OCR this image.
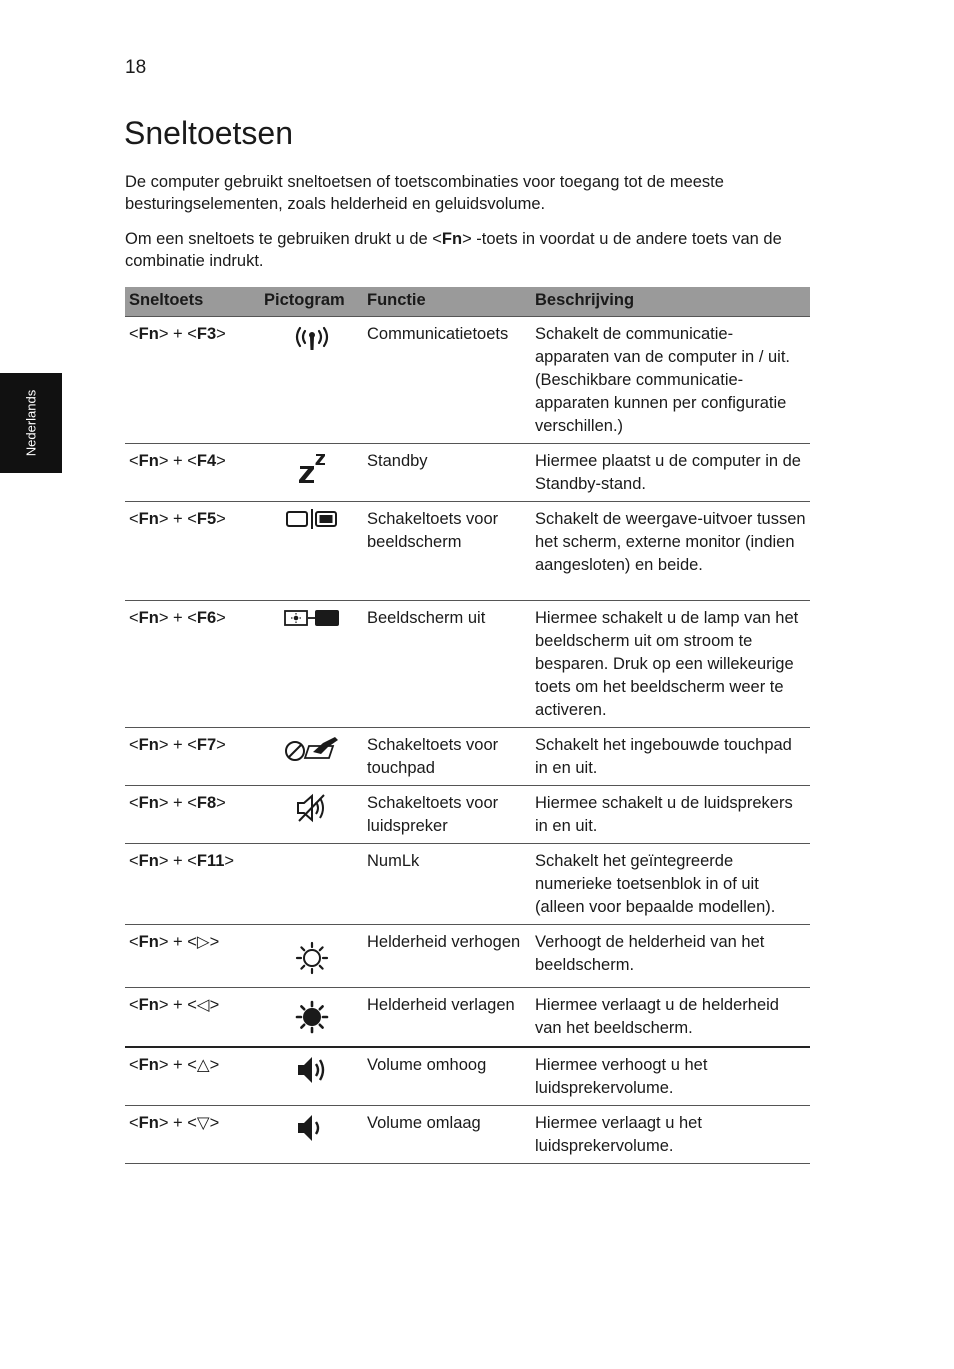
18
Sneltoetsen

De computer gebruikt sneltoetsen of toetscombinaties voor toegang tot de meeste besturingselementen, zoals helderheid en geluidsvolume.

Om een sneltoets te gebruiken drukt u de <Fn> -toets in voordat u de andere toets van de combinatie indrukt.

Nederlands
Sneltoets	Pictogram	Functie	Beschrijving
<Fn> + <F3>		Communicatietoets	Schakelt de communicatie-apparaten van de computer in / uit. (Beschikbare communicatie-apparaten kunnen per configuratie verschillen.)
<Fn> + <F4>		Standby	Hiermee plaatst u de computer in de Standby-stand.
<Fn> + <F5>		Schakeltoets voor beeldscherm	Schakelt de weergave-uitvoer tussen het scherm, externe monitor (indien aangesloten) en beide.
<Fn> + <F6>		Beeldscherm uit	Hiermee schakelt u de lamp van het beeldscherm uit om stroom te besparen. Druk op een willekeurige toets om het beeldscherm weer te activeren.
<Fn> + <F7>		Schakeltoets voor touchpad	Schakelt het ingebouwde touchpad in en uit.
<Fn> + <F8>		Schakeltoets voor luidspreker	Hiermee schakelt u de luidsprekers in en uit.
<Fn> + <F11>		NumLk	Schakelt het geïntegreerde numerieke toetsenblok in of uit (alleen voor bepaalde modellen).
<Fn> + <▷>		Helderheid verhogen	Verhoogt de helderheid van het beeldscherm.
<Fn> + <◁>		Helderheid verlagen	Hiermee verlaagt u de helderheid van het beeldscherm.
<Fn> + <△>		Volume omhoog	Hiermee verhoogt u het luidsprekervolume.
<Fn> + <▽>		Volume omlaag	Hiermee verlaagt u het luidsprekervolume.
